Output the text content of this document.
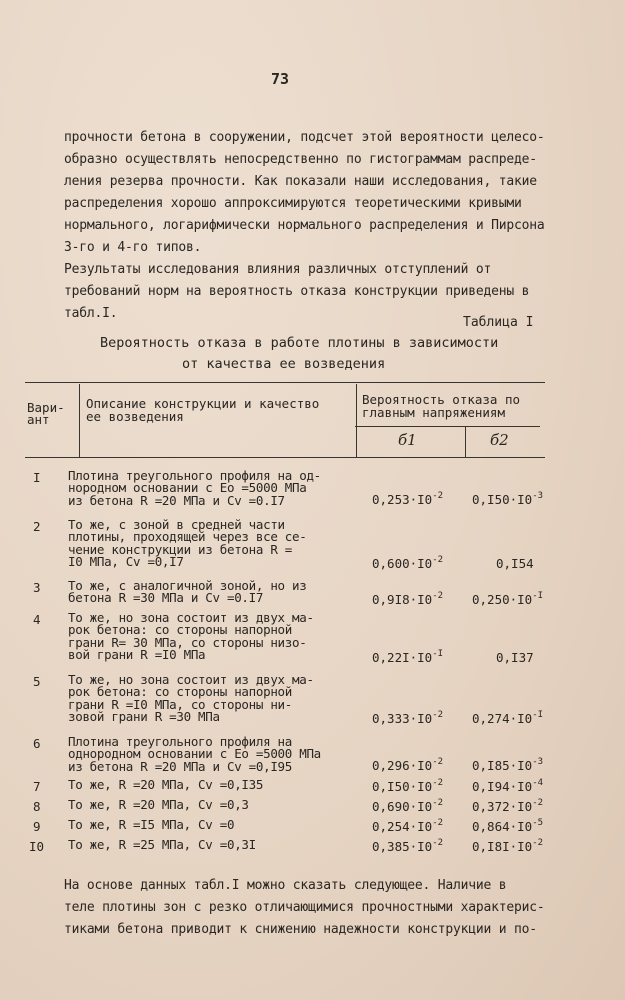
73
прочности бетона в сооружении, подсчет этой вероятности целесо-
образно осуществлять непосредственно по гистограммам распреде-
ления резерва прочности. Как показали наши исследования, такие
распределения хорошо аппроксимируются теоретическими кривыми
нормального, логарифмически нормального распределения и Пирсона
3-го и 4-го типов.
Результаты исследования влияния различных отступлений от
требований норм на вероятность отказа конструкции приведены в
табл.I.
Таблица I
Вероятность отказа в работе плотины в зависимости
от качества ее возведения
Вари-
ант
Описание конструкции и качество
ее возведения
Вероятность отказа по
главным напряжениям
б1	б2
I Плотина треугольного профиля на од-
нородном основании с Eo =5000 МПа
из бетона R =20 МПа и Cv =0.I7	$0,253\cdot I0^{-2}$ $0,I50\cdot I0^{-3}$
2 То же, с зоной в средней части
плотины, проходящей через все се-
чение конструкции из бетона R =
I0 МПа, Cv =0,I7	$0,600\cdot I0^{-2}$	0,I54
3 То же, с аналогичной зоной, но из
бетона R =30 МПа и Cv =0.I7	$0,9I8\cdot I0^{-2}$ $0,250\cdot I0^{-I}$
4 То же, но зона состоит из двух ма-
рок бетона: со стороны напорной
грани R= 30 МПа, со стороны низо-
вой грани R =I0 МПа	$0,22I\cdot I0^{-I}$	0,I37
5 То же, но зона состоит из двух ма-
рок бетона: со стороны напорной
грани R =I0 МПа, со стороны ни-
зовой грани R =30 МПа	$0,333\cdot I0^{-2}$ $0,274\cdot I0^{-I}$
6 Плотина треугольного профиля на
однородном основании с Eo =5000 МПа
из бетона R =20 МПа и Cv =0,I95	$0,296\cdot I0^{-2}$ $0,I85\cdot I0^{-3}$
7 То же, R =20 МПа, Cv =0,I35	$0,I50\cdot I0^{-2}$ $0,I94\cdot I0^{-4}$
8 То же, R =20 МПа, Cv =0,3	$0,690\cdot I0^{-2}$ $0,372\cdot I0^{-2}$
9 То же, R =I5 МПа, Cv =0	$0,254\cdot I0^{-2}$ $0,864\cdot I0^{-5}$
I0 То же, R =25 МПа, Cv =0,3I	$0,385\cdot I0^{-2}$ $0,I8I\cdot I0^{-2}$
На основе данных табл.I можно сказать следующее. Наличие в
теле плотины зон с резко отличающимися прочностными характерис-
тиками бетона приводит к снижению надежности конструкции и по-
